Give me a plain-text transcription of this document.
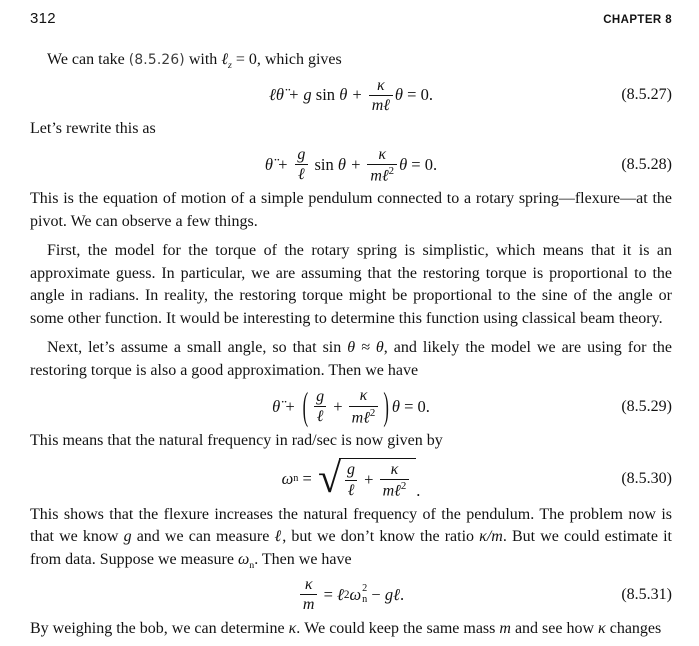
312	CHAPTER 8

We can take (8.5.26) with ℓ$_z$ = 0, which gives

ℓθ̈ + g $\sin \theta + \frac{\kappa}{\text{mℓ}}$ θ = 0.	(8.5.27)

Let’s rewrite this as

θ̈ + $\frac{g}{\text{ℓ}}$ $\sin \theta + \frac{\kappa}{m\ell^2}$ θ = 0.	(8.5.28)

This is the equation of motion of a simple pendulum connected to a rotary spring—flexure—at the pivot. We can observe a few things.

First, the model for the torque of the rotary spring is simplistic, which means that it is an approximate guess. In particular, we are assuming that the restoring torque is proportional to the angle in radians. In reality, the restoring torque might be proportional to the sine of the angle or some other function. It would be interesting to determine this function using classical beam theory.

Next, let’s assume a small angle, so that sin θ ≈ θ, and likely the model we are using for the restoring torque is also a good approximation. Then we have

θ̈ + ( $\frac{g}{\text{ℓ}} + \frac{\kappa}{m\ell^2}$ ) θ = 0.	(8.5.29)

This means that the natural frequency in rad/sec is now given by

ω n = √ $\frac{g}{\text{ℓ}} + \frac{\kappa}{m\ell^2}$ .
(8.5.30)

This shows that the flexure increases the natural frequency of the pendulum. The problem now is that we know g and we can measure ℓ, but we don’t know the ratio κ/m. But we could estimate it from data. Suppose we measure $\omega_n$. Then we have

$\frac{\kappa}{m}$ = ℓ 2 ω 2
n − gℓ .	(8.5.31)

By weighing the bob, we can determine κ. We could keep the same mass m and see how κ changes
